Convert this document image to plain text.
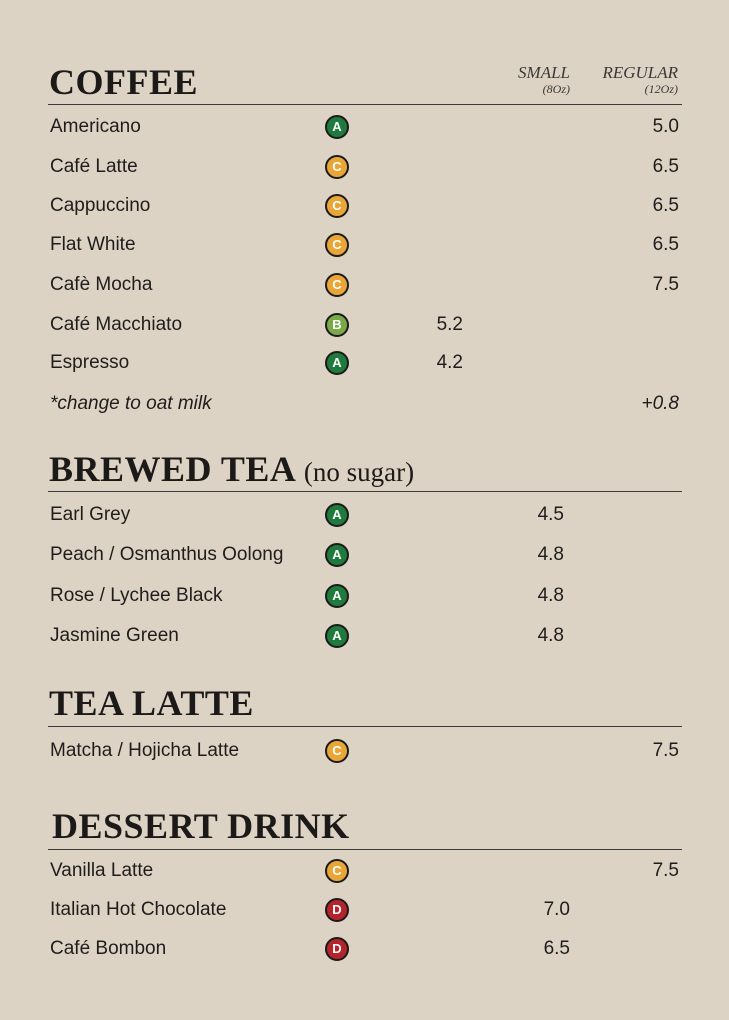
COFFEE	SMALL
(8Oz)
REGULAR
(12Oz)
Americano	A	5.0
Café Latte	C	6.5
Cappuccino	C	6.5
Flat White	C	6.5
Cafè Mocha	C	7.5
Café Macchiato	B	5.2
Espresso	A	4.2
*change to oat milk	+0.8
BREWED TEA (no sugar)
Earl Grey	A	4.5
Peach / Osmanthus Oolong	A	4.8
Rose / Lychee Black	A	4.8
Jasmine Green	A	4.8
TEA LATTE
Matcha / Hojicha Latte	C	7.5
DESSERT DRINK
Vanilla Latte	C	7.5
Italian Hot Chocolate	D	7.0
Café Bombon	D	6.5
